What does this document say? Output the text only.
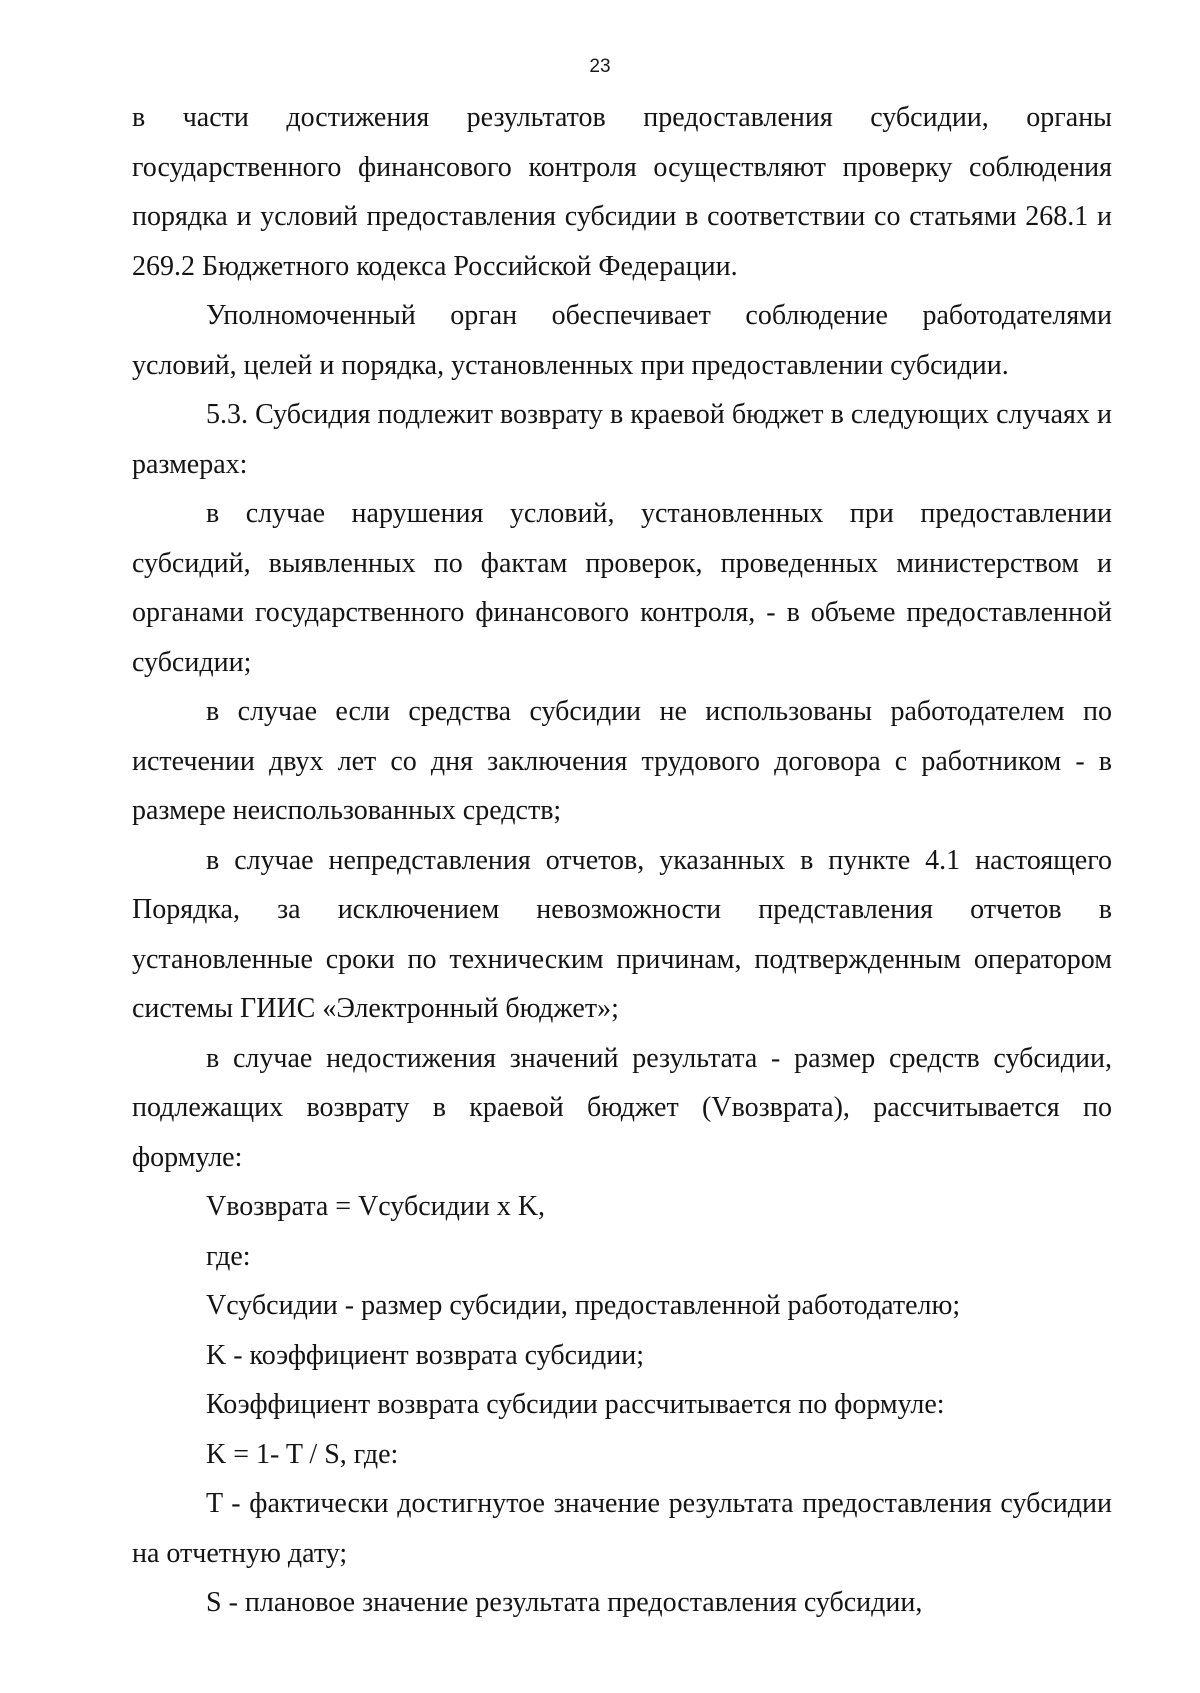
23

в части достижения результатов предоставления субсидии, органы государственного финансового контроля осуществляют проверку соблюдения порядка и условий предоставления субсидии в соответствии со статьями 268.1 и 269.2 Бюджетного кодекса Российской Федерации.

Уполномоченный орган обеспечивает соблюдение работодателями условий, целей и порядка, установленных при предоставлении субсидии.

5.3. Субсидия подлежит возврату в краевой бюджет в следующих случаях и размерах:

в случае нарушения условий, установленных при предоставлении субсидий, выявленных по фактам проверок, проведенных министерством и органами государственного финансового контроля, - в объеме предоставленной субсидии;

в случае если средства субсидии не использованы работодателем по истечении двух лет со дня заключения трудового договора с работником - в размере неиспользованных средств;

в случае непредставления отчетов, указанных в пункте 4.1 настоящего Порядка, за исключением невозможности представления отчетов в установленные сроки по техническим причинам, подтвержденным оператором системы ГИИС «Электронный бюджет»;

в случае недостижения значений результата - размер средств субсидии, подлежащих возврату в краевой бюджет (Vвозврата), рассчитывается по формуле:

Vвозврата = Vсубсидии x K,

где:

Vсубсидии - размер субсидии, предоставленной работодателю;

K - коэффициент возврата субсидии;

Коэффициент возврата субсидии рассчитывается по формуле:

K = 1- T / S, где:

T - фактически достигнутое значение результата предоставления субсидии на отчетную дату;

S - плановое значение результата предоставления субсидии,
